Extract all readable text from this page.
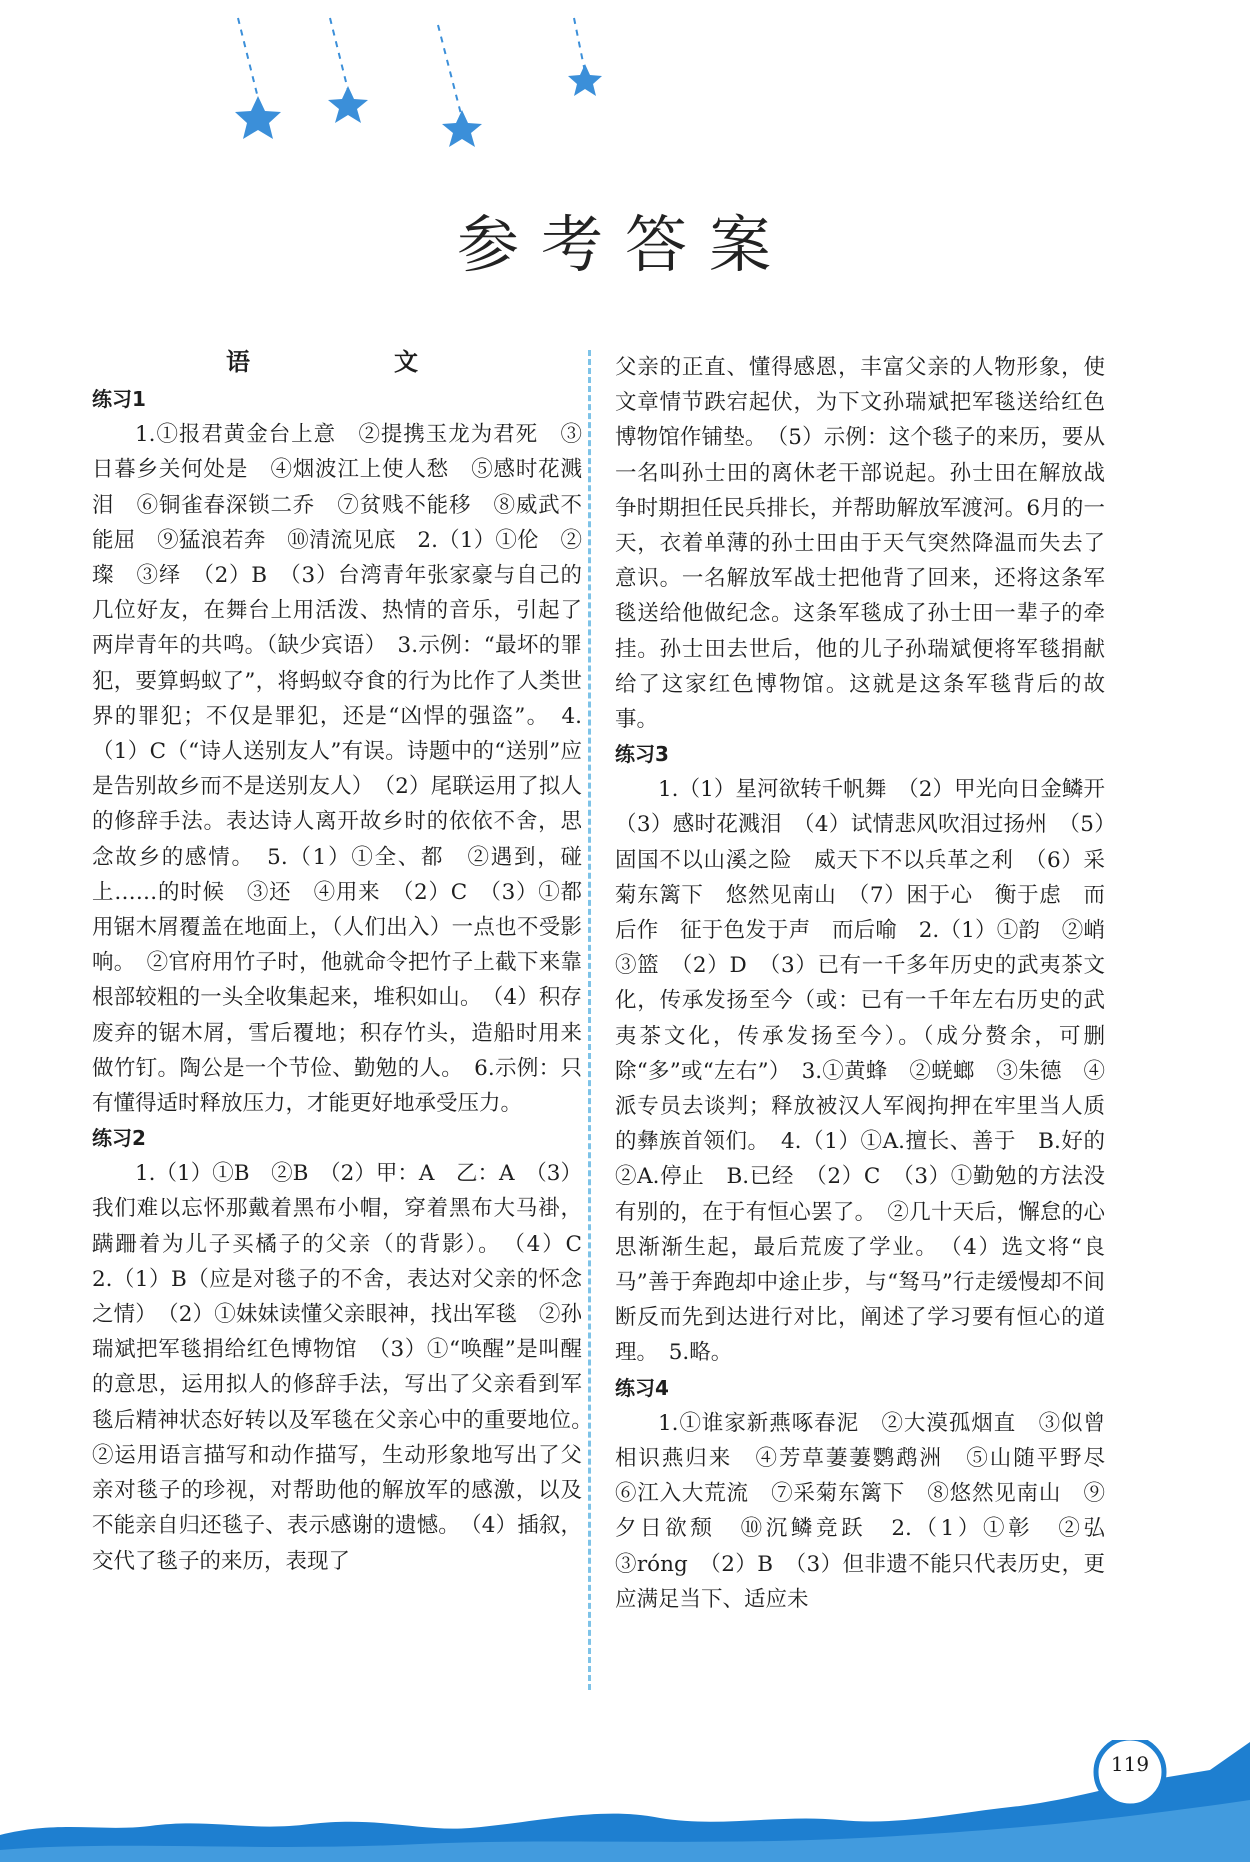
参考答案
语　文

练习1

1.①报君黄金台上意　②提携玉龙为君死　③日暮乡关何处是　④烟波江上使人愁　⑤感时花溅泪　⑥铜雀春深锁二乔　⑦贫贱不能移　⑧威武不能屈　⑨猛浪若奔　⑩清流见底　2.（1）①伦　②璨　③绎　（2）B　（3）台湾青年张家豪与自己的几位好友，在舞台上用活泼、热情的音乐，引起了两岸青年的共鸣。（缺少宾语）　3.示例：“最坏的罪犯，要算蚂蚁了”，将蚂蚁夺食的行为比作了人类世界的罪犯；不仅是罪犯，还是“凶悍的强盗”。　4.（1）C（“诗人送别友人”有误。诗题中的“送别”应是告别故乡而不是送别友人）　（2）尾联运用了拟人的修辞手法。表达诗人离开故乡时的依依不舍，思念故乡的感情。　5.（1）①全、都　②遇到，碰上……的时候　③还　④用来　（2）C　（3）①都用锯木屑覆盖在地面上，（人们出入）一点也不受影响。　②官府用竹子时，他就命令把竹子上截下来靠根部较粗的一头全收集起来，堆积如山。　（4）积存废弃的锯木屑，雪后覆地；积存竹头，造船时用来做竹钉。陶公是一个节俭、勤勉的人。　6.示例：只有懂得适时释放压力，才能更好地承受压力。

练习2

1.（1）①B　②B　（2）甲：A　乙：A　（3）我们难以忘怀那戴着黑布小帽，穿着黑布大马褂，蹒跚着为儿子买橘子的父亲（的背影）。　（4）C　2.（1）B（应是对毯子的不舍，表达对父亲的怀念之情）　（2）①妹妹读懂父亲眼神，找出军毯　②孙瑞斌把军毯捐给红色博物馆　（3）①“唤醒”是叫醒的意思，运用拟人的修辞手法，写出了父亲看到军毯后精神状态好转以及军毯在父亲心中的重要地位。　②运用语言描写和动作描写，生动形象地写出了父亲对毯子的珍视，对帮助他的解放军的感激，以及不能亲自归还毯子、表示感谢的遗憾。　（4）插叙，交代了毯子的来历，表现了

父亲的正直、懂得感恩，丰富父亲的人物形象，使文章情节跌宕起伏，为下文孙瑞斌把军毯送给红色博物馆作铺垫。　（5）示例：这个毯子的来历，要从一名叫孙士田的离休老干部说起。孙士田在解放战争时期担任民兵排长，并帮助解放军渡河。6月的一天，衣着单薄的孙士田由于天气突然降温而失去了意识。一名解放军战士把他背了回来，还将这条军毯送给他做纪念。这条军毯成了孙士田一辈子的牵挂。孙士田去世后，他的儿子孙瑞斌便将军毯捐献给了这家红色博物馆。这就是这条军毯背后的故事。

练习3

1.（1）星河欲转千帆舞　（2）甲光向日金鳞开　（3）感时花溅泪　（4）试情悲风吹泪过扬州　（5）固国不以山溪之险　威天下不以兵革之利　（6）采菊东篱下　悠然见南山　（7）困于心　衡于虑　而后作　征于色发于声　而后喻　2.（1）①韵　②峭　③篮　（2）D　（3）已有一千多年历史的武夷茶文化，传承发扬至今（或：已有一千年左右历史的武夷茶文化，传承发扬至今）。（成分赘余，可删除“多”或“左右”）　3.①黄蜂　②蜣螂　③朱德　④派专员去谈判；释放被汉人军阀拘押在牢里当人质的彝族首领们。　4.（1）①A.擅长、善于　B.好的　②A.停止　B.已经　（2）C　（3）①勤勉的方法没有别的，在于有恒心罢了。　②几十天后，懈怠的心思渐渐生起，最后荒废了学业。　（4）选文将“良马”善于奔跑却中途止步，与“驽马”行走缓慢却不间断反而先到达进行对比，阐述了学习要有恒心的道理。　5.略。

练习4

1.①谁家新燕啄春泥　②大漠孤烟直　③似曾相识燕归来　④芳草萋萋鹦鹉洲　⑤山随平野尽　⑥江入大荒流　⑦采菊东篱下　⑧悠然见南山　⑨夕日欲颓　⑩沉鳞竞跃　2.（1）①彰　②弘　③róng　（2）B　（3）但非遗不能只代表历史，更应满足当下、适应未

119
